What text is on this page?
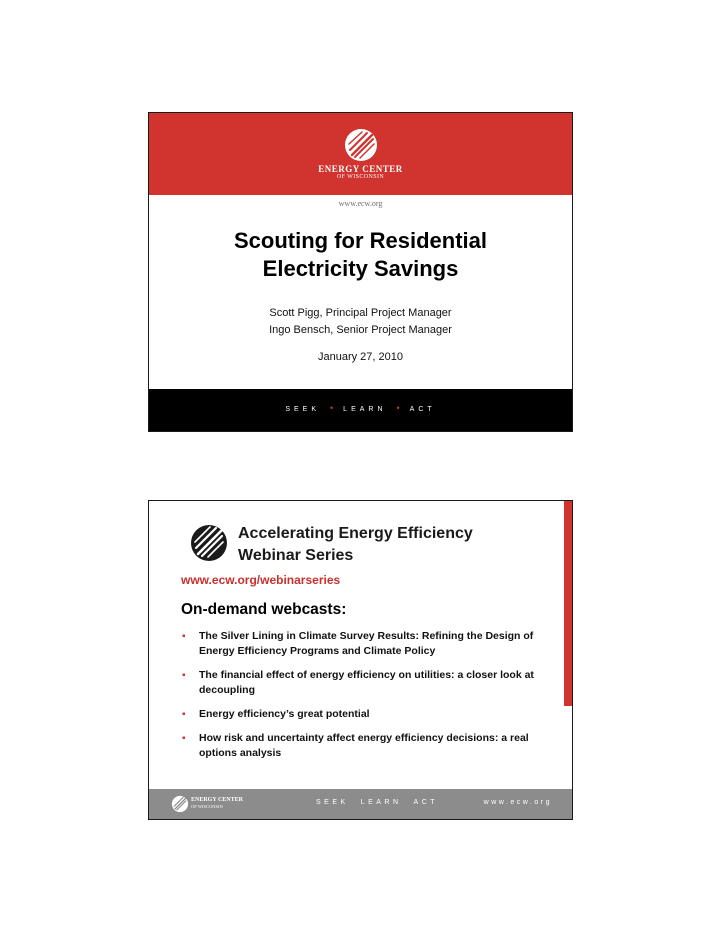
ENERGY CENTER
OF WISCONSIN
www.ecw.org
Scouting for Residential
Electricity Savings
Scott Pigg, Principal Project Manager
Ingo Bensch, Senior Project Manager
January 27, 2010
SEEK • LEARN • ACT
Accelerating Energy Efficiency
Webinar Series
www.ecw.org/webinarseries
On-demand webcasts:
▪ The Silver Lining in Climate Survey Results: Refining the Design of Energy Efficiency Programs and Climate Policy
▪ The financial effect of energy efficiency on utilities: a closer look at decoupling
▪ Energy efficiency’s great potential
▪ How risk and uncertainty affect energy efficiency decisions: a real options analysis
ENERGY CENTER
OF WISCONSIN
SEEK LEARN ACT	www.ecw.org
